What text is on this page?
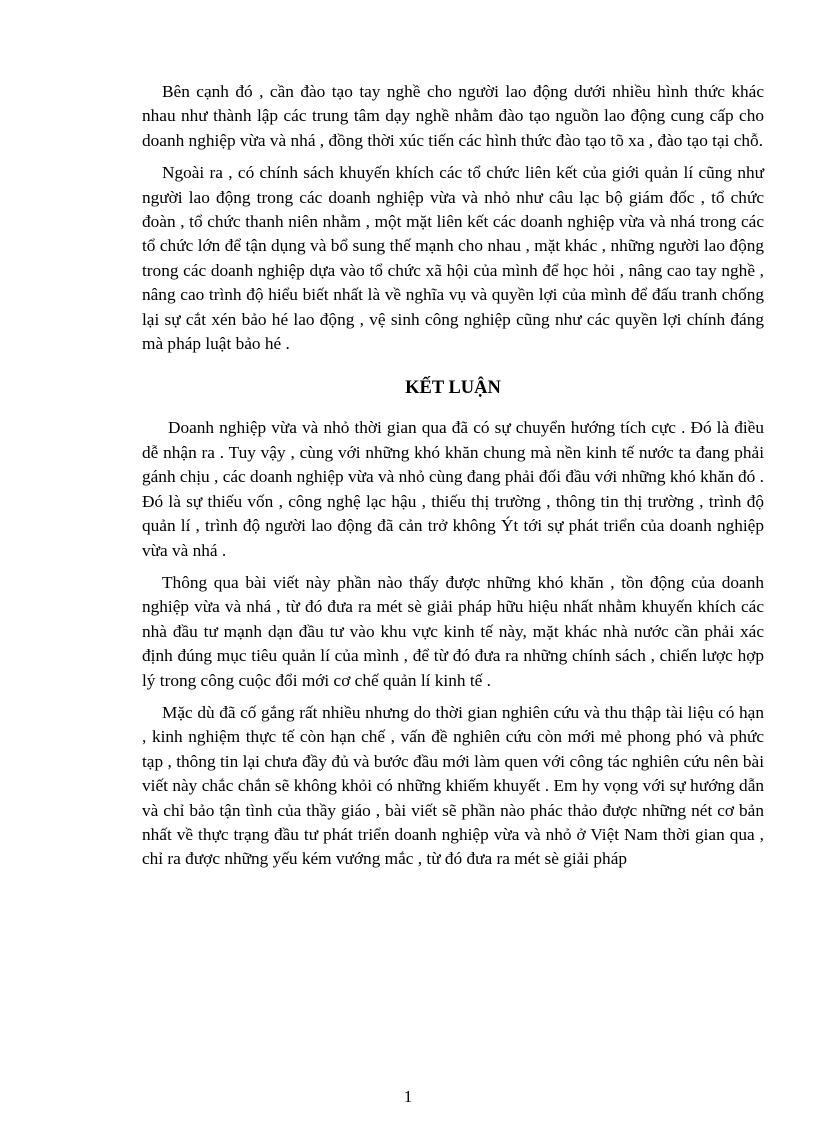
Bên cạnh đó , cần đào tạo tay nghề cho người lao động dưới nhiều hình thức khác nhau như thành lập các trung tâm dạy nghề nhằm đào tạo nguồn lao động cung cấp cho doanh nghiệp vừa và nhá , đồng thời xúc tiến các hình thức đào tạo tõ xa , đào tạo tại chỗ.

Ngoài ra , có chính sách khuyến khích các tổ chức liên kết của giới quản lí cũng như người lao động trong các doanh nghiệp vừa và nhỏ như câu lạc bộ giám đốc , tổ chức đoàn , tổ chức thanh niên nhằm , một mặt liên kết các doanh nghiệp vừa và nhá trong các tổ chức lớn để tận dụng và bổ sung thế mạnh cho nhau , mặt khác , những người lao động trong các doanh nghiệp dựa vào tổ chức xã hội của mình để học hỏi , nâng cao tay nghề , nâng cao trình độ hiểu biết nhất là về nghĩa vụ và quyền lợi của mình để đấu tranh chống lại sự cắt xén bảo hé lao động , vệ sinh công nghiệp cũng như các quyền lợi chính đáng mà pháp luật bảo hé .

KẾT LUẬN

Doanh nghiệp vừa và nhỏ thời gian qua đã có sự chuyển hướng tích cực . Đó là điều dễ nhận ra . Tuy vậy , cùng với những khó khăn chung mà nền kinh tế nước ta đang phải gánh chịu , các doanh nghiệp vừa và nhỏ cùng đang phải đối đầu với những khó khăn đó . Đó là sự thiếu vốn , công nghệ lạc hậu , thiếu thị trường , thông tin thị trường , trình độ quản lí , trình độ người lao động đã cản trở không Ýt tới sự phát triển của doanh nghiệp vừa và nhá .

Thông qua bài viết này phần nào thấy được những khó khăn , tồn động của doanh nghiệp vừa và nhá , từ đó đưa ra mét sè giải pháp hữu hiệu nhất nhằm khuyến khích các nhà đầu tư mạnh dạn đầu tư vào khu vực kinh tế này, mặt khác nhà nước cần phải xác định đúng mục tiêu quản lí của mình , để từ đó đưa ra những chính sách , chiến lược hợp lý trong công cuộc đổi mới cơ chế quản lí kinh tế .

Mặc dù đã cố gắng rất nhiều nhưng do thời gian nghiên cứu và thu thập tài liệu có hạn , kinh nghiệm thực tế còn hạn chế , vấn đề nghiên cứu còn mới mẻ phong phó và phức tạp , thông tin lại chưa đầy đủ và bước đầu mới làm quen với công tác nghiên cứu nên bài viết này chắc chắn sẽ không khỏi có những khiếm khuyết . Em hy vọng với sự hướng dẫn và chỉ bảo tận tình của thầy giáo , bài viết sẽ phần nào phác thảo được những nét cơ bản nhất về thực trạng đầu tư phát triển doanh nghiệp vừa và nhỏ ở Việt Nam thời gian qua , chỉ ra được những yếu kém vướng mắc , từ đó đưa ra mét sè giải pháp

1
